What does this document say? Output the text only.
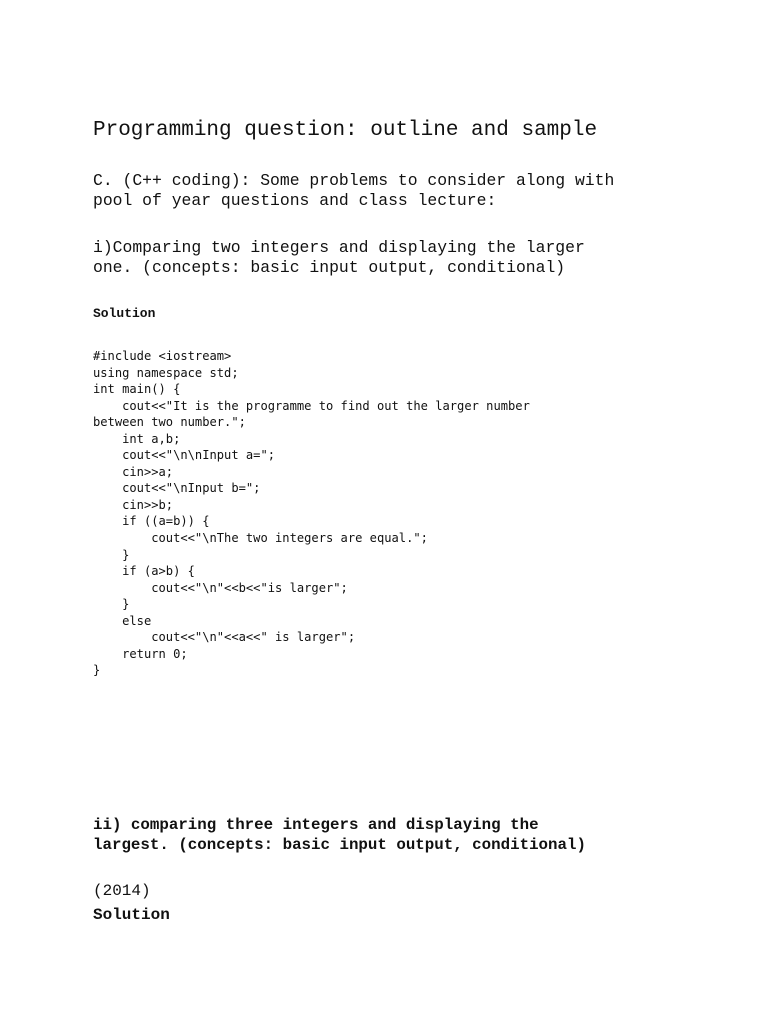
Programming question: outline and sample

C. (C++ coding): Some problems to consider along with
pool of year questions and class lecture:

i)Comparing two integers and displaying the larger
one. (concepts: basic input output, conditional)

Solution

#include <iostream>
using namespace std;
int main() {
cout<<"It is the programme to find out the larger number
between two number.";
int a,b;
cout<<"\n\nInput a=";
cin>>a;
cout<<"\nInput b=";
cin>>b;
if ((a=b)) {
cout<<"\nThe two integers are equal.";
}
if (a>b) {
cout<<"\n"<<b<<"is larger";
}
else
cout<<"\n"<<a<<" is larger";
return 0;
}

ii) comparing three integers and displaying the
largest. (concepts: basic input output, conditional)

(2014)

Solution
